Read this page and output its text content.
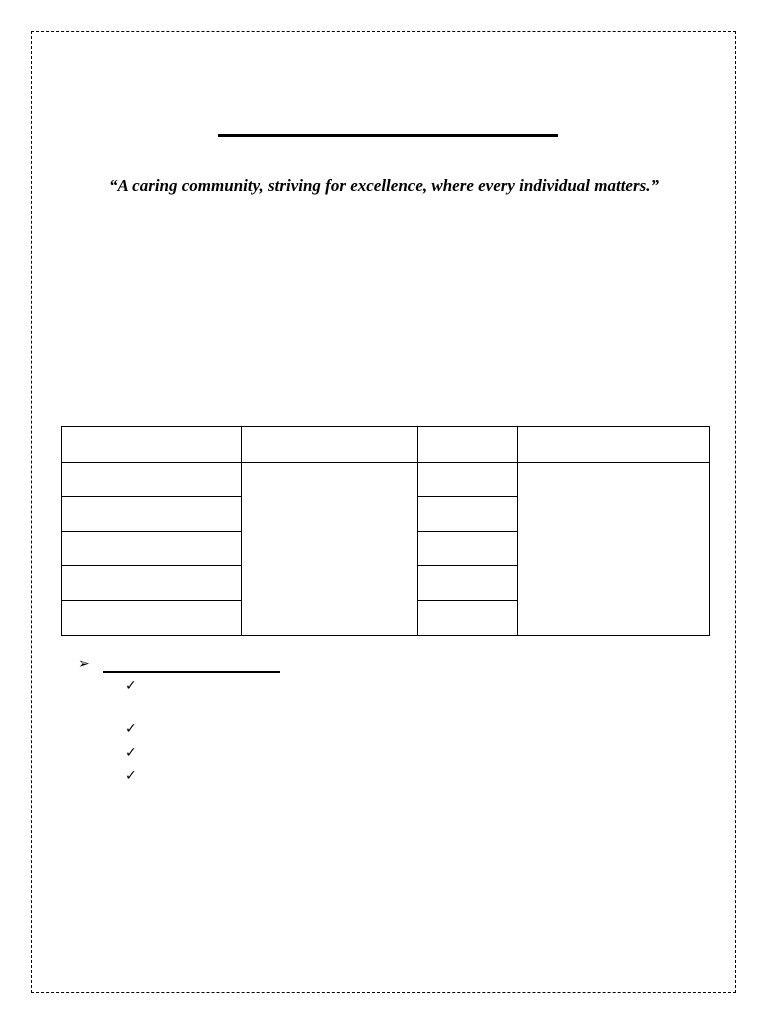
“A caring community, striving for excellence, where every individual matters.”

➢
✓
✓
✓
✓
